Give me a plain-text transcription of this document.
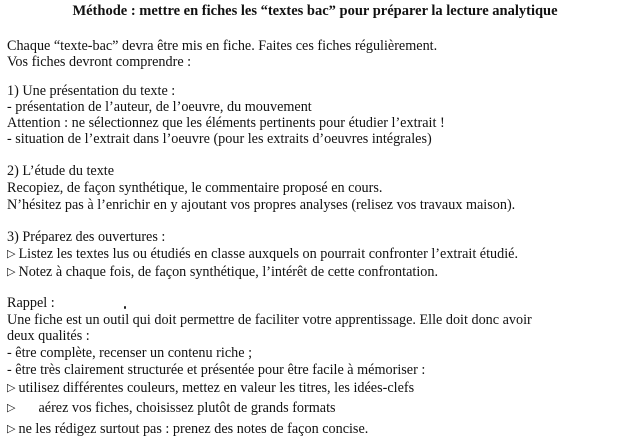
Méthode : mettre en fiches les “textes bac” pour préparer la lecture analytique
Chaque “texte-bac” devra être mis en fiche. Faites ces fiches régulièrement.
Vos fiches devront comprendre :
1) Une présentation du texte :
- présentation de l’auteur, de l’oeuvre, du mouvement
Attention : ne sélectionnez que les éléments pertinents pour étudier l’extrait !
- situation de l’extrait dans l’oeuvre (pour les extraits d’oeuvres intégrales)
2) L’étude du texte
Recopiez, de façon synthétique, le commentaire proposé en cours.
N’hésitez pas à l’enrichir en y ajoutant vos propres analyses (relisez vos travaux maison).
3) Préparez des ouvertures :
▷ Listez les textes lus ou étudiés en classe auxquels on pourrait confronter l’extrait étudié.
▷ Notez à chaque fois, de façon synthétique, l’intérêt de cette confrontation.
Rappel :
Une fiche est un outil qui doit permettre de faciliter votre apprentissage. Elle doit donc avoir
deux qualités :
- être complète, recenser un contenu riche ;
- être très clairement structurée et présentée pour être facile à mémoriser :
▷ utilisez différentes couleurs, mettez en valeur les titres, les idées-clefs
▷ aérez vos fiches, choisissez plutôt de grands formats
▷ ne les rédigez surtout pas : prenez des notes de façon concise.
